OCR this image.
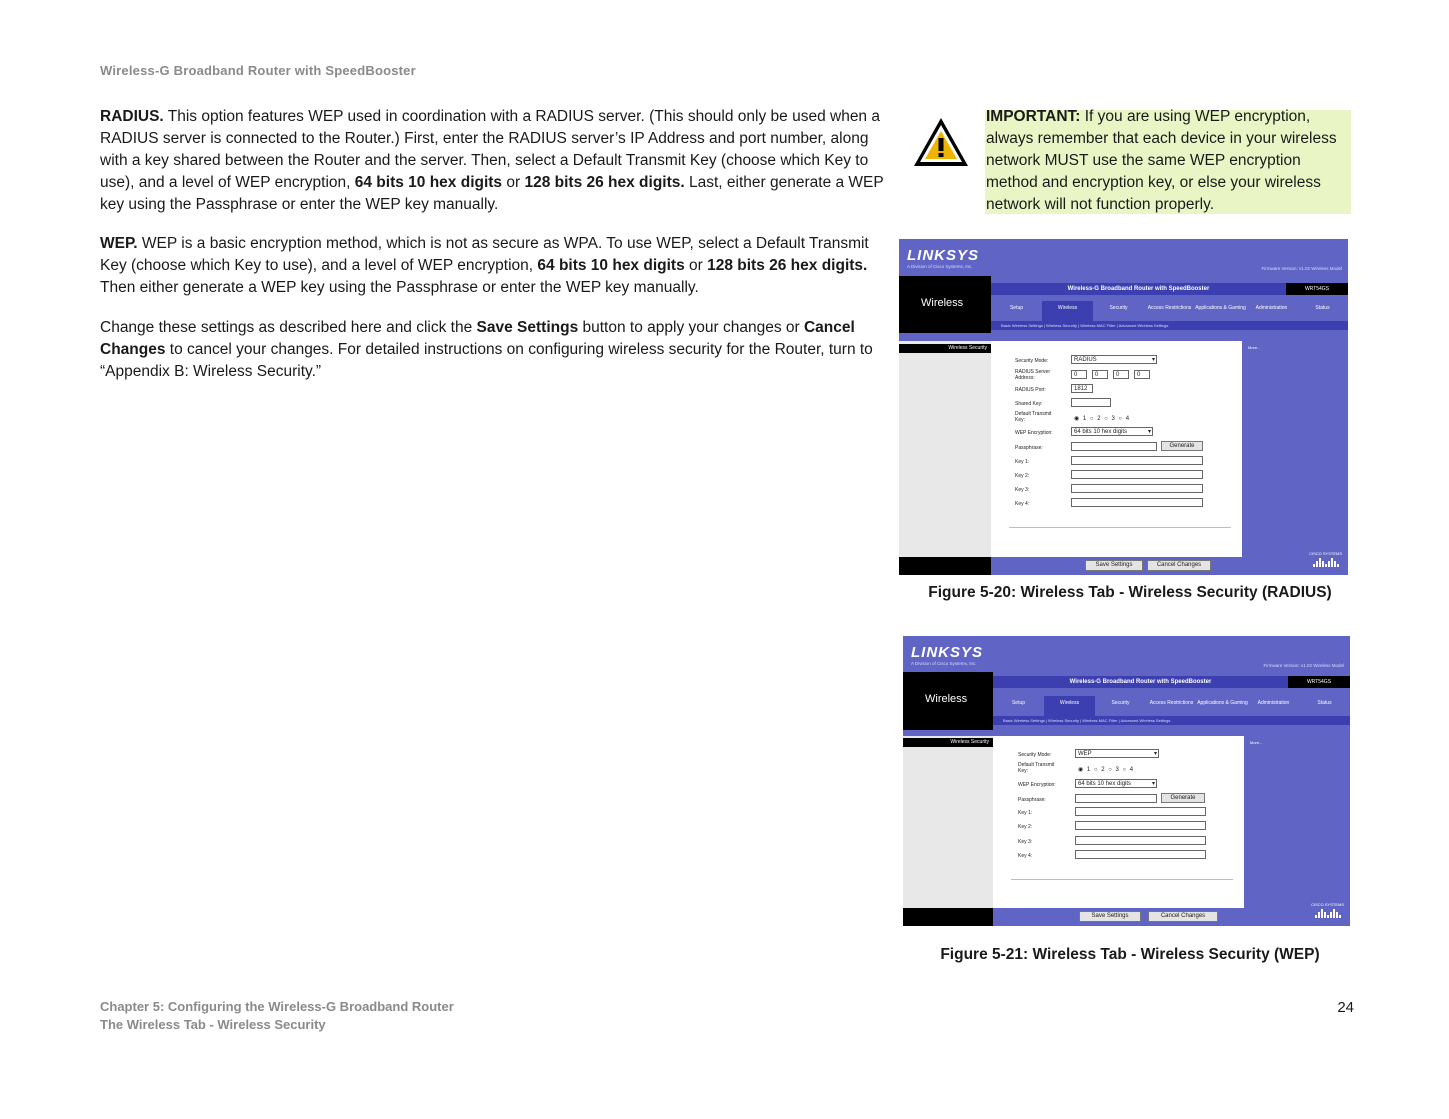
Wireless-G Broadband Router with SpeedBooster
RADIUS. This option features WEP used in coordination with a RADIUS server. (This should only be used when a RADIUS server is connected to the Router.) First, enter the RADIUS server’s IP Address and port number, along with a key shared between the Router and the server. Then, select a Default Transmit Key (choose which Key to use), and a level of WEP encryption, 64 bits 10 hex digits or 128 bits 26 hex digits. Last, either generate a WEP key using the Passphrase or enter the WEP key manually.
WEP. WEP is a basic encryption method, which is not as secure as WPA. To use WEP, select a Default Transmit Key (choose which Key to use), and a level of WEP encryption, 64 bits 10 hex digits or 128 bits 26 hex digits. Then either generate a WEP key using the Passphrase or enter the WEP key manually.
Change these settings as described here and click the Save Settings button to apply your changes or Cancel Changes to cancel your changes. For detailed instructions on configuring wireless security for the Router, turn to “Appendix B: Wireless Security.”
IMPORTANT: If you are using WEP encryption, always remember that each device in your wireless network MUST use the same WEP encryption method and encryption key, or else your wireless network will not function properly.
LINKSYS
A Division of Cisco Systems, Inc.	Firmware Version: v1.02 Wireless Model
Wireless
Wireless-G Broadband Router with SpeedBooster	WRT54GS
Setup	Wireless	Security	Access Restrictions Applications & Gaming	Administration	Status
Basic Wireless Settings | Wireless Security | Wireless MAC Filter | Advanced Wireless Settings
Wireless Security	More...
CISCO SYSTEMS
Security Mode:	RADIUS	▾
RADIUS Server Address:	0	0	0	0
RADIUS Port:	1812
Shared Key:
Default Transmit Key:	◉ 1 ○ 2 ○ 3 ○ 4
WEP Encryption:	64 bits 10 hex digits	▾
Passphrase:	Generate
Key 1:
Key 2:
Key 3:
Key 4:
Save Settings	Cancel Changes
Figure 5-20: Wireless Tab - Wireless Security (RADIUS)
LINKSYS
A Division of Cisco Systems, Inc.	Firmware Version: v1.02 Wireless Model
Wireless
Wireless-G Broadband Router with SpeedBooster	WRT54GS
Setup	Wireless	Security	Access Restrictions Applications & Gaming	Administration	Status
Basic Wireless Settings | Wireless Security | Wireless MAC Filter | Advanced Wireless Settings
Wireless Security	More...
CISCO SYSTEMS
Security Mode:	WEP	▾
Default Transmit Key:	◉ 1 ○ 2 ○ 3 ○ 4
WEP Encryption:	64 bits 10 hex digits	▾
Passphrase:	Generate
Key 1:
Key 2:
Key 3:
Key 4:
Save Settings	Cancel Changes
Figure 5-21: Wireless Tab - Wireless Security (WEP)
Chapter 5: Configuring the Wireless-G Broadband Router
The Wireless Tab - Wireless Security
24
